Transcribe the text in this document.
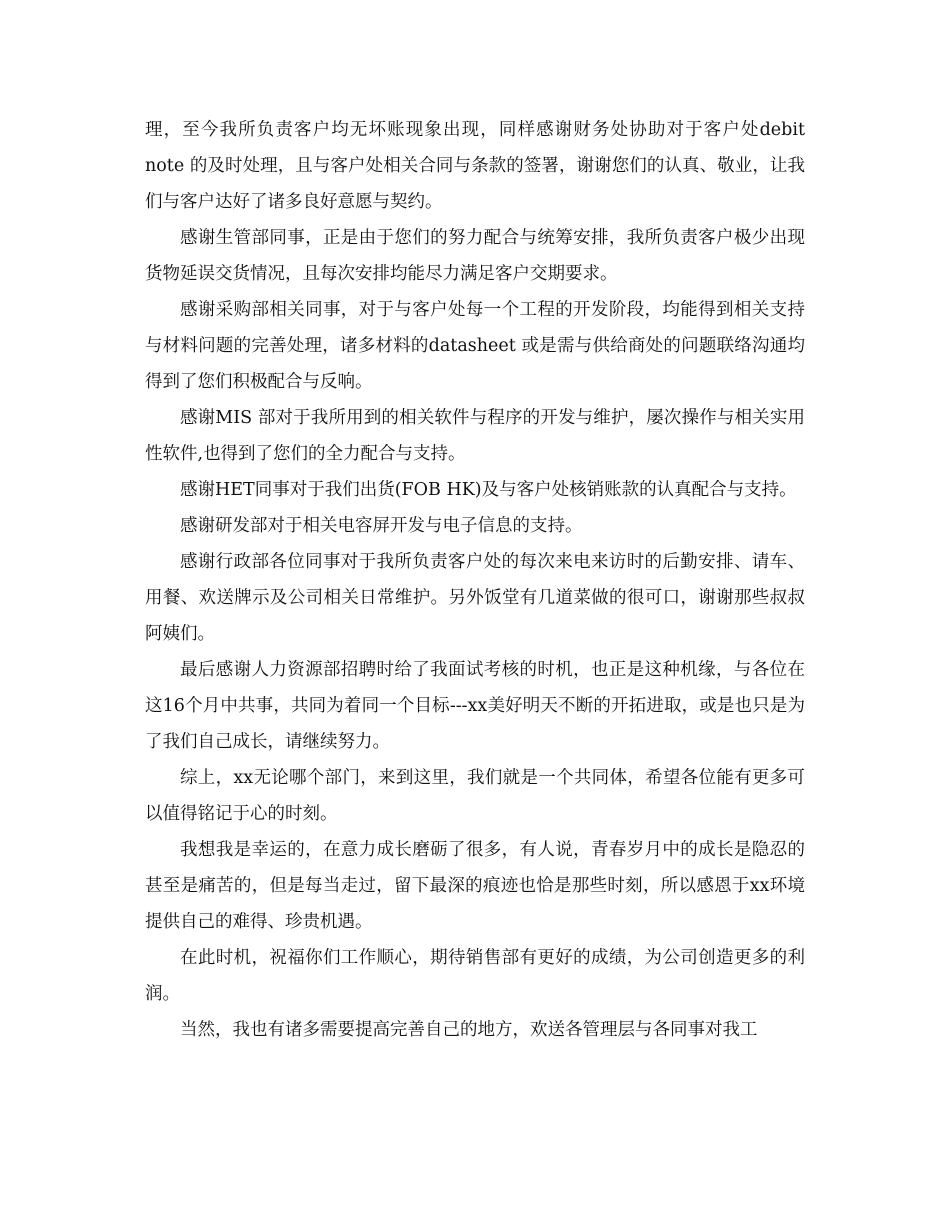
理，至今我所负责客户均无坏账现象出现，同样感谢财务处协助对于客户处debit note 的及时处理，且与客户处相关合同与条款的签署，谢谢您们的认真、敬业，让我们与客户达好了诸多良好意愿与契约。

感谢生管部同事，正是由于您们的努力配合与统筹安排，我所负责客户极少出现货物延误交货情况，且每次安排均能尽力满足客户交期要求。

感谢采购部相关同事，对于与客户处每一个工程的开发阶段，均能得到相关支持与材料问题的完善处理，诸多材料的datasheet 或是需与供给商处的问题联络沟通均得到了您们积极配合与反响。

感谢MIS 部对于我所用到的相关软件与程序的开发与维护，屡次操作与相关实用性软件,也得到了您们的全力配合与支持。

感谢HET同事对于我们出货(FOB HK)及与客户处核销账款的认真配合与支持。

感谢研发部对于相关电容屏开发与电子信息的支持。

感谢行政部各位同事对于我所负责客户处的每次来电来访时的后勤安排、请车、用餐、欢送牌示及公司相关日常维护。另外饭堂有几道菜做的很可口，谢谢那些叔叔阿姨们。

最后感谢人力资源部招聘时给了我面试考核的时机，也正是这种机缘，与各位在这16个月中共事，共同为着同一个目标---xx美好明天不断的开拓进取，或是也只是为了我们自己成长，请继续努力。

综上，xx无论哪个部门，来到这里，我们就是一个共同体，希望各位能有更多可以值得铭记于心的时刻。

我想我是幸运的，在意力成长磨砺了很多，有人说，青春岁月中的成长是隐忍的甚至是痛苦的，但是每当走过，留下最深的痕迹也恰是那些时刻，所以感恩于xx环境提供自己的难得、珍贵机遇。

在此时机，祝福你们工作顺心，期待销售部有更好的成绩，为公司创造更多的利润。

当然，我也有诸多需要提高完善自己的地方，欢送各管理层与各同事对我工
